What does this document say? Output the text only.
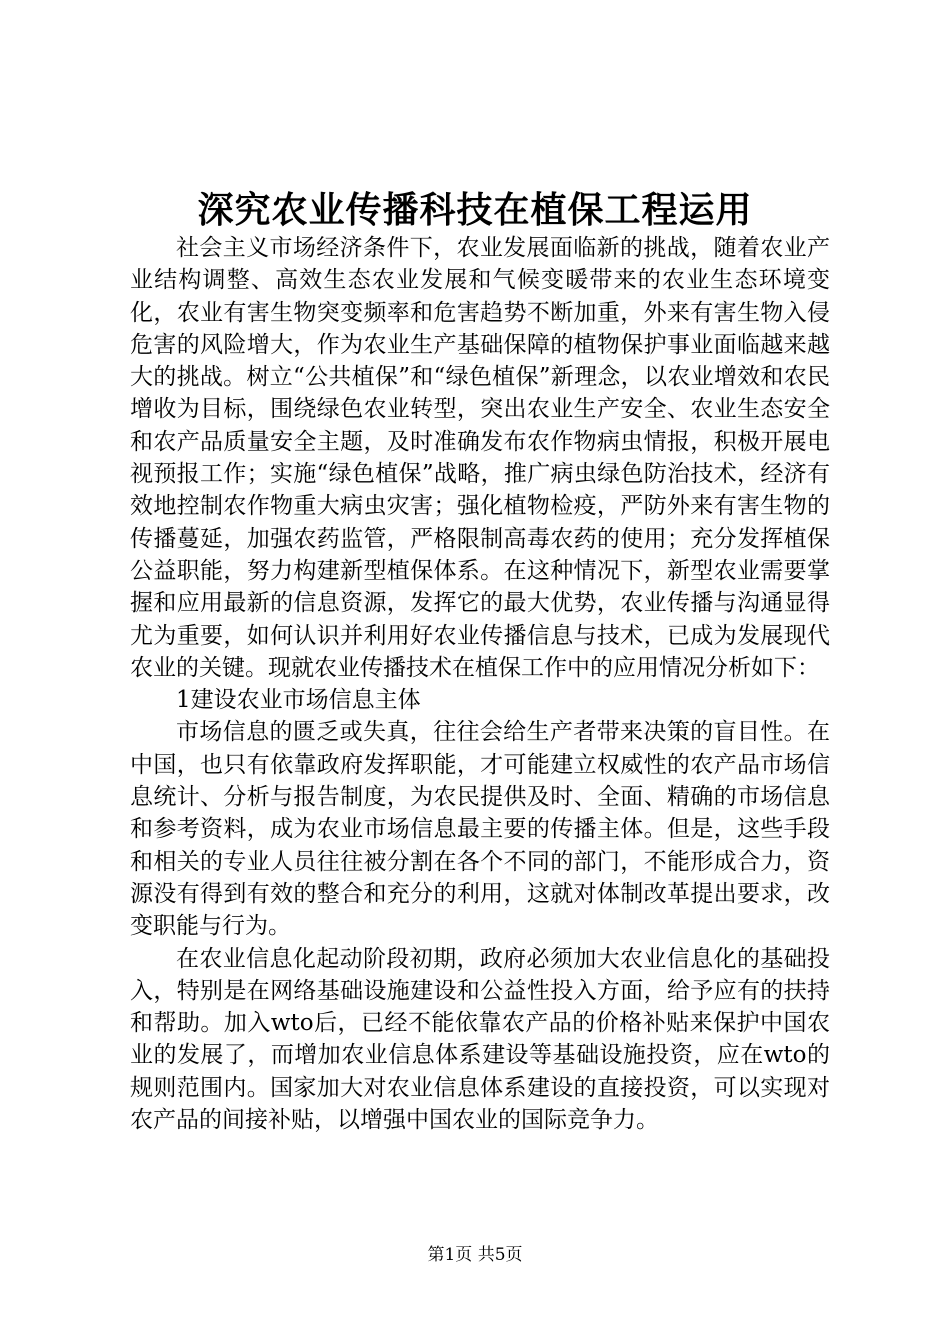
深究农业传播科技在植保工程运用

社会主义市场经济条件下，农业发展面临新的挑战，随着农业产业结构调整、高效生态农业发展和气候变暖带来的农业生态环境变化，农业有害生物突变频率和危害趋势不断加重，外来有害生物入侵危害的风险增大，作为农业生产基础保障的植物保护事业面临越来越大的挑战。树立“公共植保”和“绿色植保”新理念，以农业增效和农民增收为目标，围绕绿色农业转型，突出农业生产安全、农业生态安全和农产品质量安全主题，及时准确发布农作物病虫情报，积极开展电视预报工作；实施“绿色植保”战略，推广病虫绿色防治技术，经济有效地控制农作物重大病虫灾害；强化植物检疫，严防外来有害生物的传播蔓延，加强农药监管，严格限制高毒农药的使用；充分发挥植保公益职能，努力构建新型植保体系。在这种情况下，新型农业需要掌握和应用最新的信息资源，发挥它的最大优势，农业传播与沟通显得尤为重要，如何认识并利用好农业传播信息与技术，已成为发展现代农业的关键。现就农业传播技术在植保工作中的应用情况分析如下：

1建设农业市场信息主体

市场信息的匮乏或失真，往往会给生产者带来决策的盲目性。在中国，也只有依靠政府发挥职能，才可能建立权威性的农产品市场信息统计、分析与报告制度，为农民提供及时、全面、精确的市场信息和参考资料，成为农业市场信息最主要的传播主体。但是，这些手段和相关的专业人员往往被分割在各个不同的部门，不能形成合力，资源没有得到有效的整合和充分的利用，这就对体制改革提出要求，改变职能与行为。

在农业信息化起动阶段初期，政府必须加大农业信息化的基础投入，特别是在网络基础设施建设和公益性投入方面，给予应有的扶持和帮助。加入wto后，已经不能依靠农产品的价格补贴来保护中国农业的发展了，而增加农业信息体系建设等基础设施投资，应在wto的规则范围内。国家加大对农业信息体系建设的直接投资，可以实现对农产品的间接补贴，以增强中国农业的国际竞争力。

第1页 共5页
